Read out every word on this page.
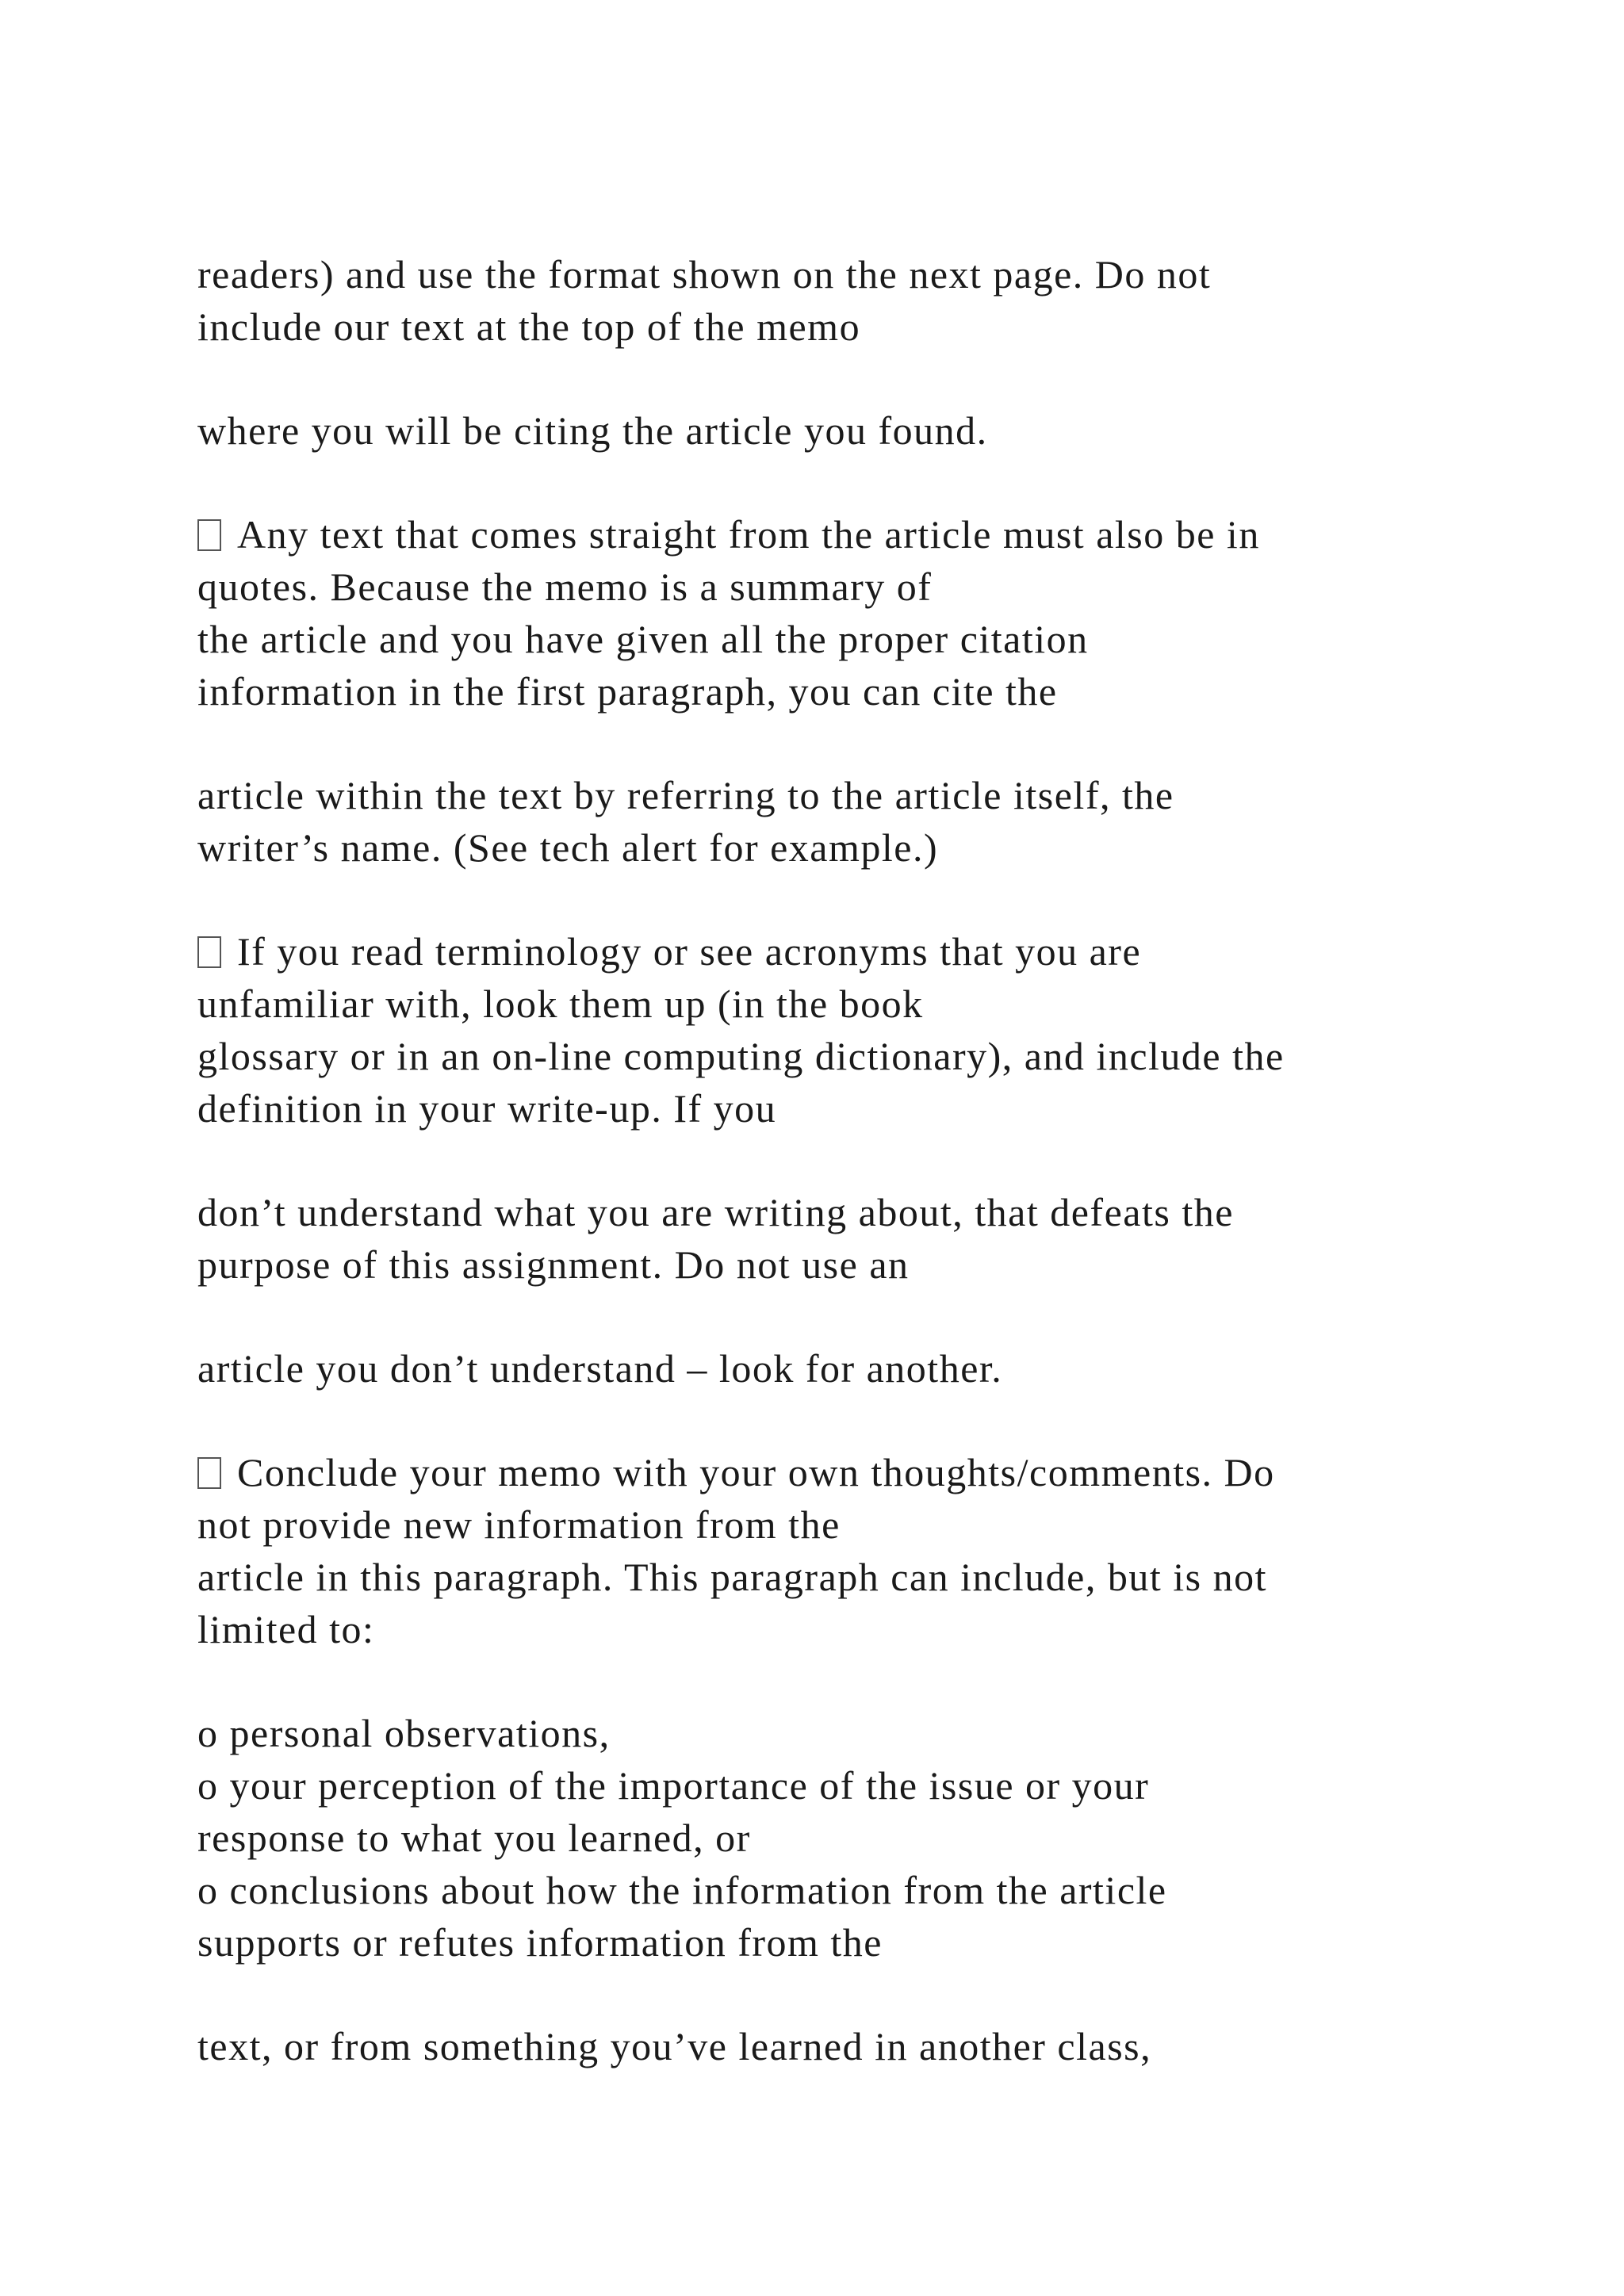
readers) and use the format shown on the next page. Do not

include our text at the top of the memo

where you will be citing the article you found.

Any text that comes straight from the article must also be in

quotes. Because the memo is a summary of

the article and you have given all the proper citation

information in the first paragraph, you can cite the

article within the text by referring to the article itself, the

writer’s name. (See tech alert for example.)

If you read terminology or see acronyms that you are

unfamiliar with, look them up (in the book

glossary or in an on-line computing dictionary), and include the

definition in your write-up. If you

don’t understand what you are writing about, that defeats the

purpose of this assignment. Do not use an

article you don’t understand – look for another.

Conclude your memo with your own thoughts/comments. Do

not provide new information from the

article in this paragraph. This paragraph can include, but is not

limited to:

o personal observations,

o your perception of the importance of the issue or your

response to what you learned, or

o conclusions about how the information from the article

supports or refutes information from the

text, or from something you’ve learned in another class,
